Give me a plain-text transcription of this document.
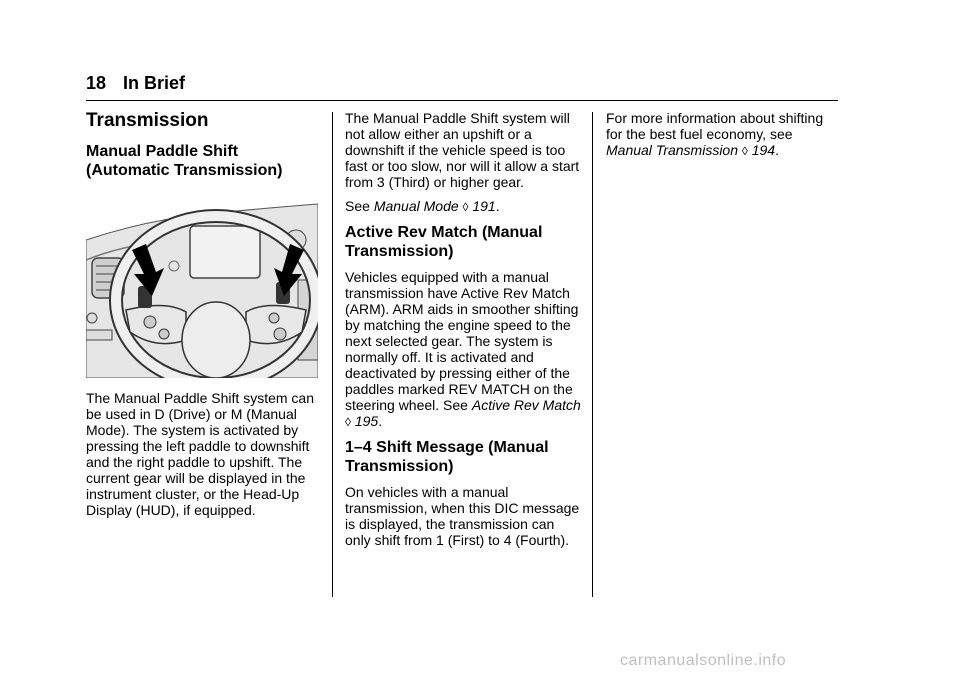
18 In Brief
Transmission
Manual Paddle Shift (Automatic Transmission)

The Manual Paddle Shift system can be used in D (Drive) or M (Manual Mode). The system is activated by pressing the left paddle to downshift and the right paddle to upshift. The current gear will be displayed in the instrument cluster, or the Head-Up Display (HUD), if equipped.

The Manual Paddle Shift system will not allow either an upshift or a downshift if the vehicle speed is too fast or too slow, nor will it allow a start from 3 (Third) or higher gear.

See Manual Mode ◊ 191.

Active Rev Match (Manual Transmission)

Vehicles equipped with a manual transmission have Active Rev Match (ARM). ARM aids in smoother shifting by matching the engine speed to the next selected gear. The system is normally off. It is activated and deactivated by pressing either of the paddles marked REV MATCH on the steering wheel. See Active Rev Match ◊ 195.

1–4 Shift Message (Manual Transmission)

On vehicles with a manual transmission, when this DIC message is displayed, the transmission can only shift from 1 (First) to 4 (Fourth).

For more information about shifting for the best fuel economy, see
Manual Transmission ◊ 194.

carmanualsonline.info
